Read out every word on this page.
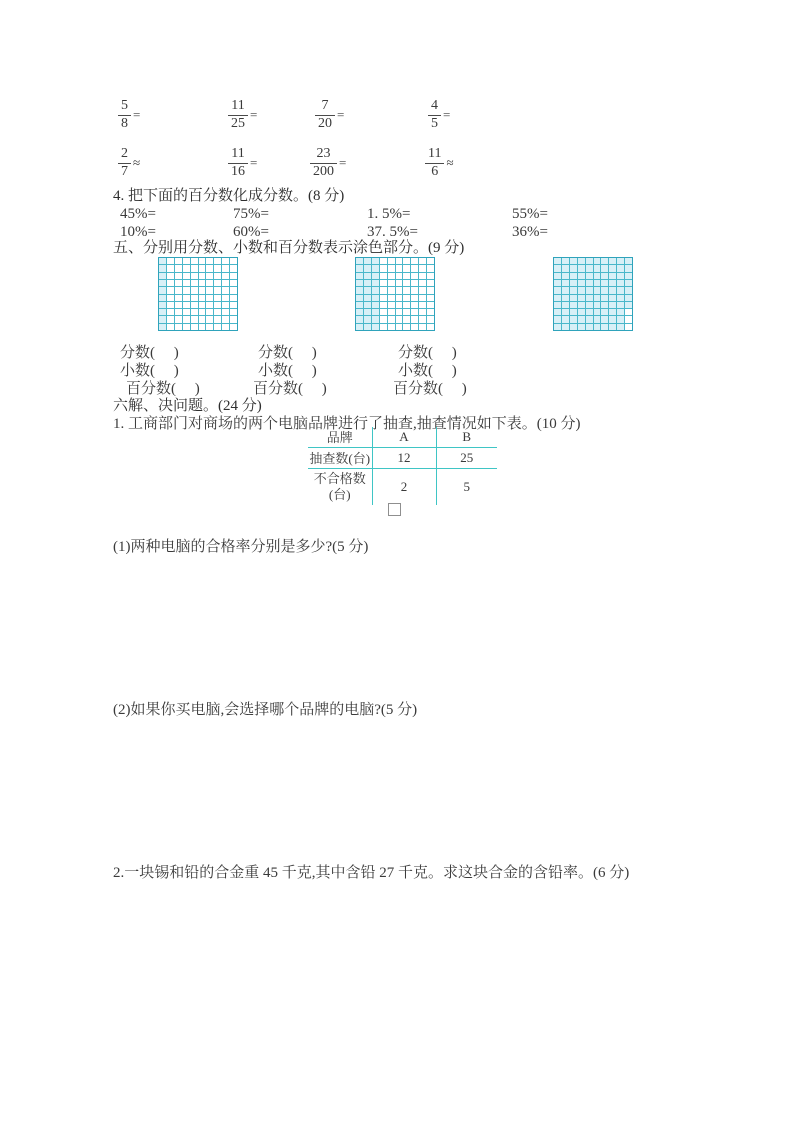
$\frac{5}{8}$ =	$\frac{11}{25}$ =	$\frac{7}{20}$ =	$\frac{4}{5}$ =
$\frac{2}{7}$ ≈	$\frac{11}{16}$ =	$\frac{23}{200}$ =	$\frac{11}{6}$ ≈
4. 把下面的百分数化成分数。(8 分)
45%=	75%=	1. 5%=	55%=
10%=	60%=	37. 5%=	36%=
五、分别用分数、小数和百分数表示涂色部分。(9 分)
分数(     )	分数(     )	分数(     )
小数(     )	小数(     )	小数(     )
百分数(     )	百分数(     )	百分数(     )
六解、决问题。(24 分)
1. 工商部门对商场的两个电脑品牌进行了抽查,抽查情况如下表。(10 分)
品牌	A	B
抽查数(台)	12	25
不合格数(台)	2	5
(1)两种电脑的合格率分别是多少?(5 分)
(2)如果你买电脑,会选择哪个品牌的电脑?(5 分)
2.一块锡和铅的合金重 45 千克,其中含铅 27 千克。求这块合金的含铅率。(6 分)
